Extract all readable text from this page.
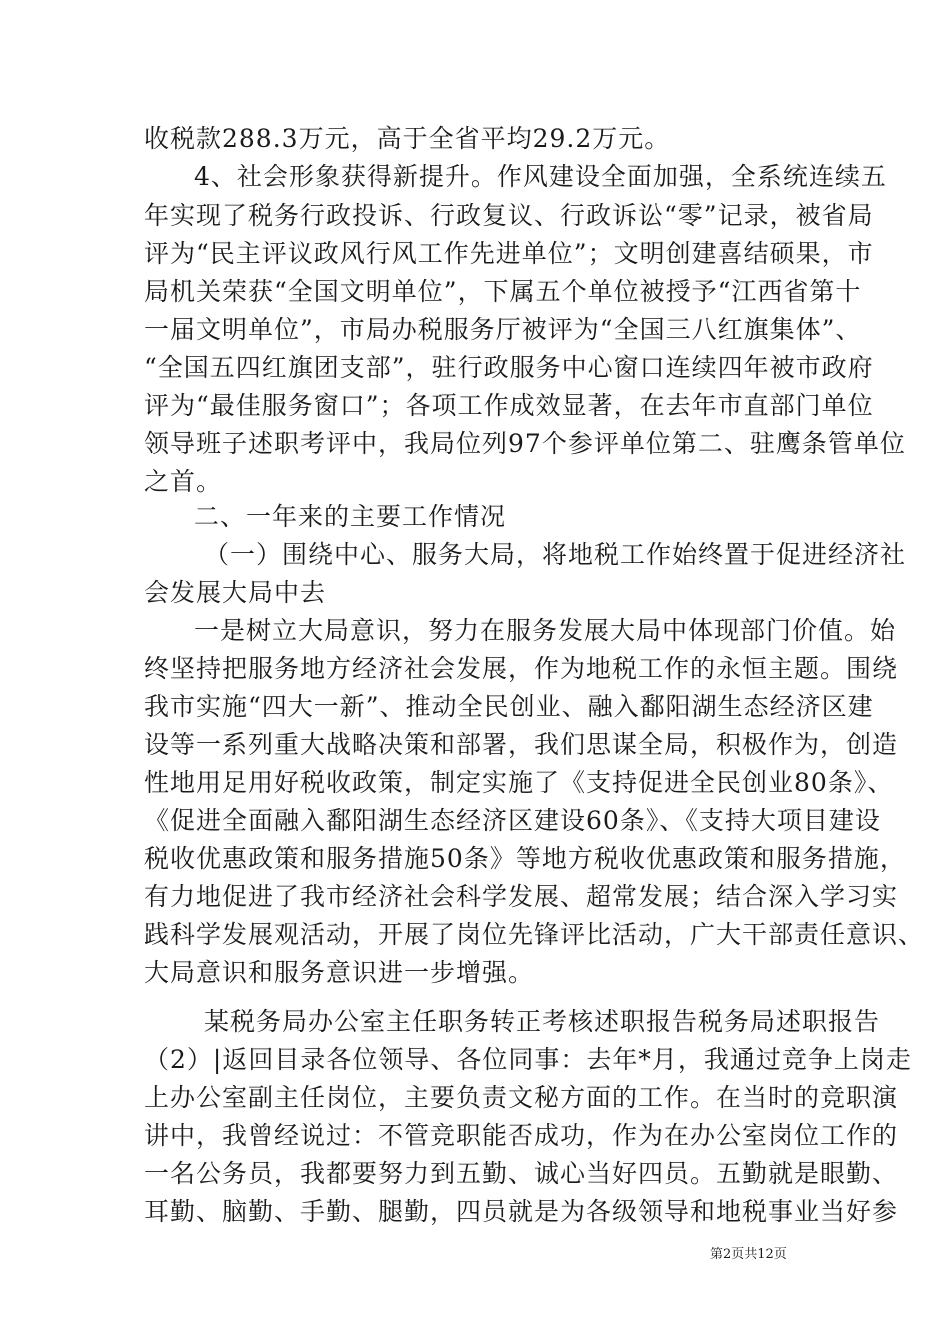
收税款288.3万元，高于全省平均29.2万元。
4、社会形象获得新提升。作风建设全面加强，全系统连续五
年实现了税务行政投诉、行政复议、行政诉讼“零”记录，被省局
评为“民主评议政风行风工作先进单位”；文明创建喜结硕果，市
局机关荣获“全国文明单位”，下属五个单位被授予“江西省第十
一届文明单位”，市局办税服务厅被评为“全国三八红旗集体”、
“全国五四红旗团支部”，驻行政服务中心窗口连续四年被市政府
评为“最佳服务窗口”；各项工作成效显著，在去年市直部门单位
领导班子述职考评中，我局位列97个参评单位第二、驻鹰条管单位
之首。
二、一年来的主要工作情况
（一）围绕中心、服务大局，将地税工作始终置于促进经济社
会发展大局中去
一是树立大局意识，努力在服务发展大局中体现部门价值。始
终坚持把服务地方经济社会发展，作为地税工作的永恒主题。围绕
我市实施“四大一新”、推动全民创业、融入鄱阳湖生态经济区建
设等一系列重大战略决策和部署，我们思谋全局，积极作为，创造
性地用足用好税收政策，制定实施了《支持促进全民创业80条》、
《促进全面融入鄱阳湖生态经济区建设60条》、《支持大项目建设
税收优惠政策和服务措施50条》等地方税收优惠政策和服务措施，
有力地促进了我市经济社会科学发展、超常发展；结合深入学习实
践科学发展观活动，开展了岗位先锋评比活动，广大干部责任意识、
大局意识和服务意识进一步增强。
某税务局办公室主任职务转正考核述职报告税务局述职报告
（2）|返回目录各位领导、各位同事：去年*月，我通过竞争上岗走
上办公室副主任岗位，主要负责文秘方面的工作。在当时的竞职演
讲中，我曾经说过：不管竞职能否成功，作为在办公室岗位工作的
一名公务员，我都要努力到五勤、诚心当好四员。五勤就是眼勤、
耳勤、脑勤、手勤、腿勤，四员就是为各级领导和地税事业当好参
第2页共12页
